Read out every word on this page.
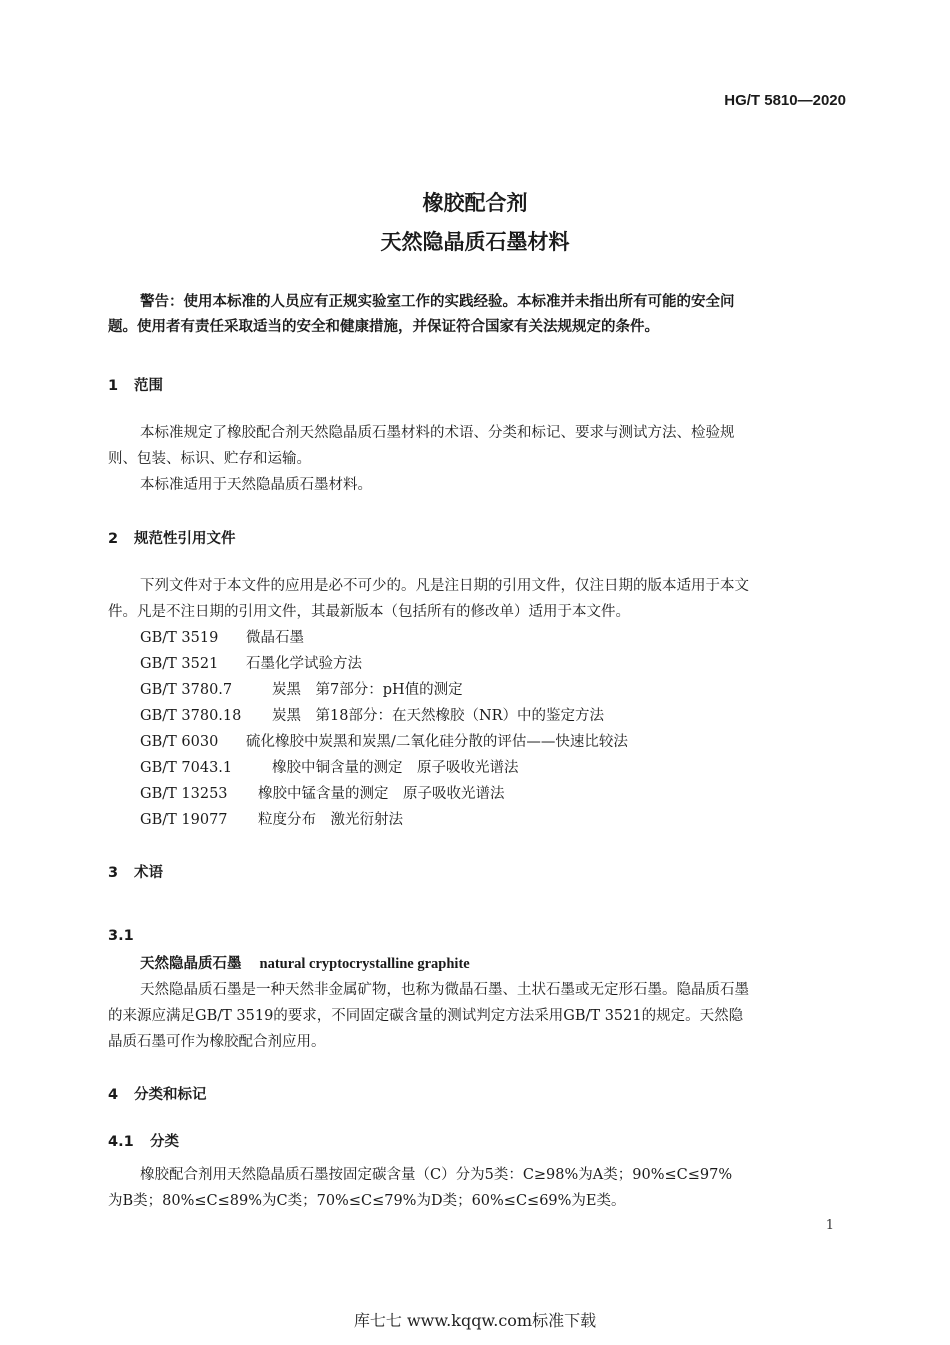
HG/T 5810—2020
橡胶配合剂
天然隐晶质石墨材料

警告：使用本标准的人员应有正规实验室工作的实践经验。本标准并未指出所有可能的安全问

题。使用者有责任采取适当的安全和健康措施，并保证符合国家有关法规规定的条件。

1 范围
本标准规定了橡胶配合剂天然隐晶质石墨材料的术语、分类和标记、要求与测试方法、检验规
则、包装、标识、贮存和运输。
本标准适用于天然隐晶质石墨材料。
2 规范性引用文件
下列文件对于本文件的应用是必不可少的。凡是注日期的引用文件，仅注日期的版本适用于本文
件。凡是不注日期的引用文件，其最新版本（包括所有的修改单）适用于本文件。
GB/T 3519 微晶石墨
GB/T 3521 石墨化学试验方法
GB/T 3780.7	炭黑　第7部分：pH值的测定
GB/T 3780.18 炭黑　第18部分：在天然橡胶（NR）中的鉴定方法
GB/T 6030 硫化橡胶中炭黑和炭黑/二氧化硅分散的评估——快速比较法
GB/T 7043.1	橡胶中铜含量的测定　原子吸收光谱法
GB/T 13253 橡胶中锰含量的测定　原子吸收光谱法
GB/T 19077 粒度分布　激光衍射法
3 术语
3.1
天然隐晶质石墨 natural cryptocrystalline graphite
天然隐晶质石墨是一种天然非金属矿物，也称为微晶石墨、土状石墨或无定形石墨。隐晶质石墨
的来源应满足GB/T 3519的要求，不同固定碳含量的测试判定方法采用GB/T 3521的规定。天然隐
晶质石墨可作为橡胶配合剂应用。
4 分类和标记
4.1 分类
橡胶配合剂用天然隐晶质石墨按固定碳含量（C）分为5类：C≥98%为A类；90%≤C≤97%
为B类；80%≤C≤89%为C类；70%≤C≤79%为D类；60%≤C≤69%为E类。
1
库七七 www.kqqw.com标准下载
